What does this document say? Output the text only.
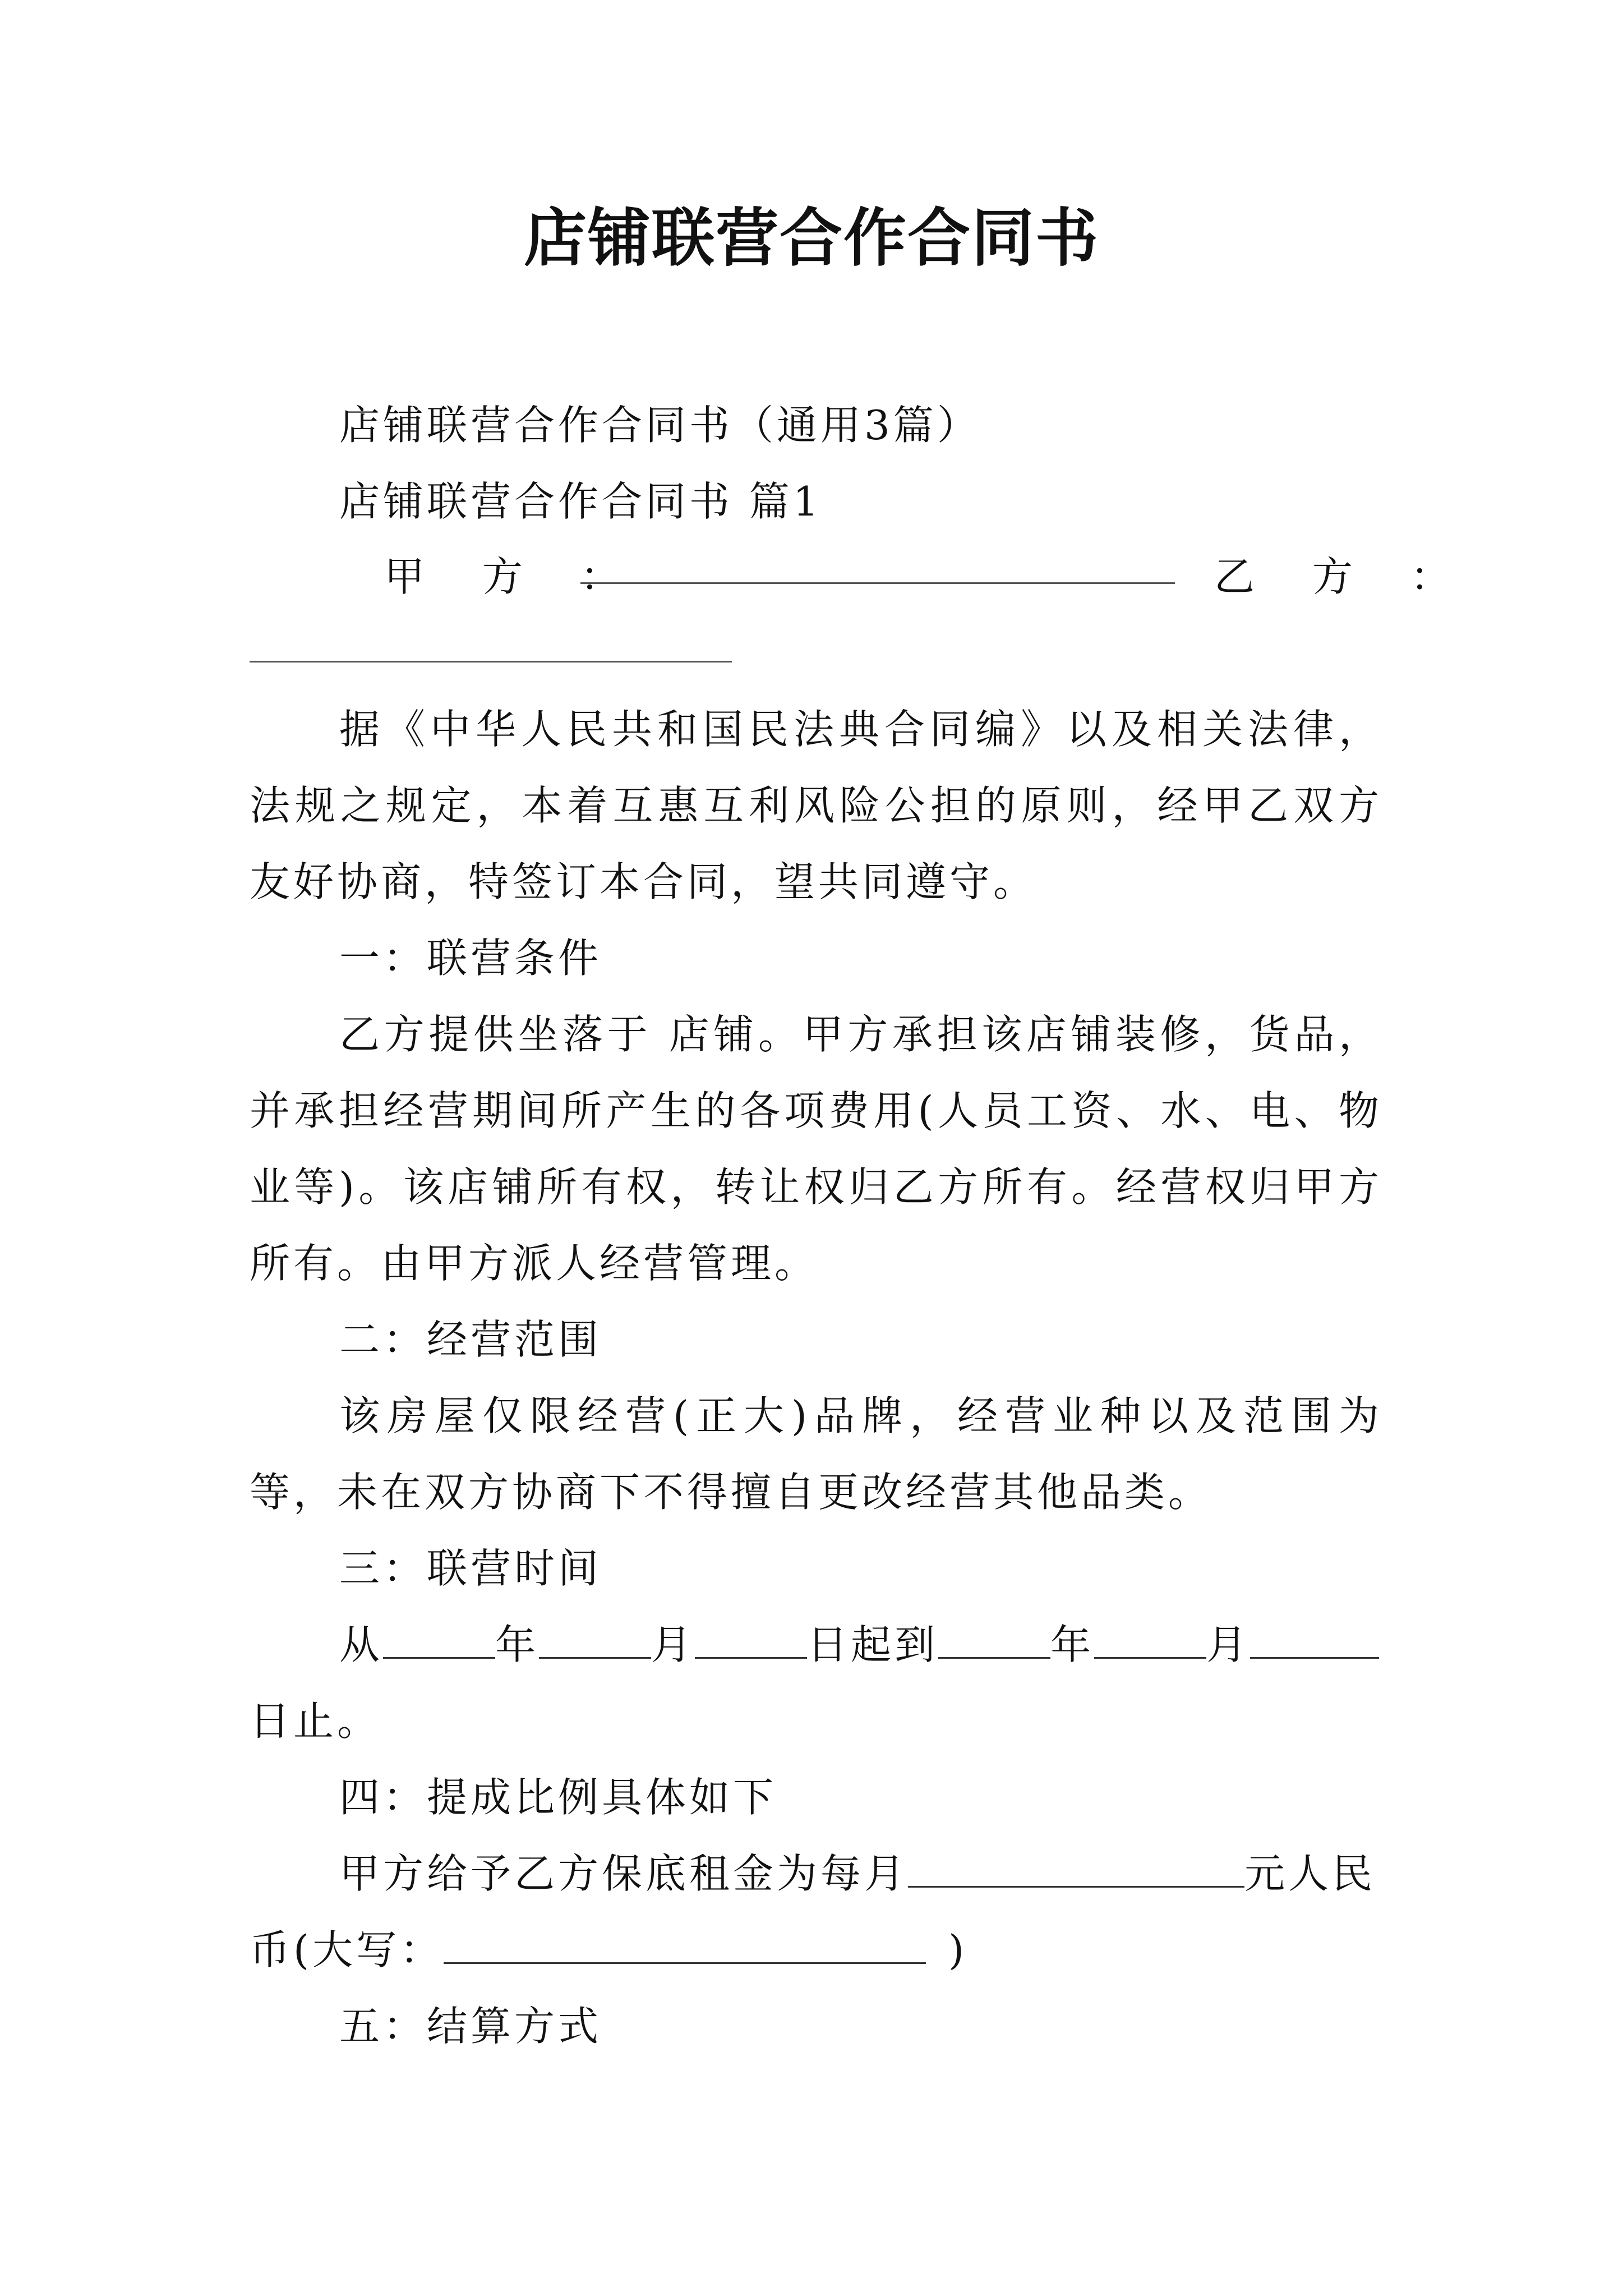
店铺联营合作合同书
店铺联营合作合同书（通用3篇）
店铺联营合作合同书 篇1
甲 方 ：	乙 方 ：

据《中华人民共和国民法典合同编》以及相关法律，法规之规定，本着互惠互利风险公担的原则，经甲乙双方友好协商，特签订本合同，望共同遵守。

一：联营条件

乙方提供坐落于 店铺。甲方承担该店铺装修，货品，并承担经营期间所产生的各项费用(人员工资、水、电、物业等)。该店铺所有权，转让权归乙方所有。经营权归甲方所有。由甲方派人经营管理。

二：经营范围

该房屋仅限经营(正大)品牌，经营业种以及范围为等，未在双方协商下不得擅自更改经营其他品类。

三：联营时间
从	年	月	日起到	年	月
日止。
四：提成比例具体如下
甲方给予乙方保底租金为每月	元人民
币(大写：	)
五：结算方式
